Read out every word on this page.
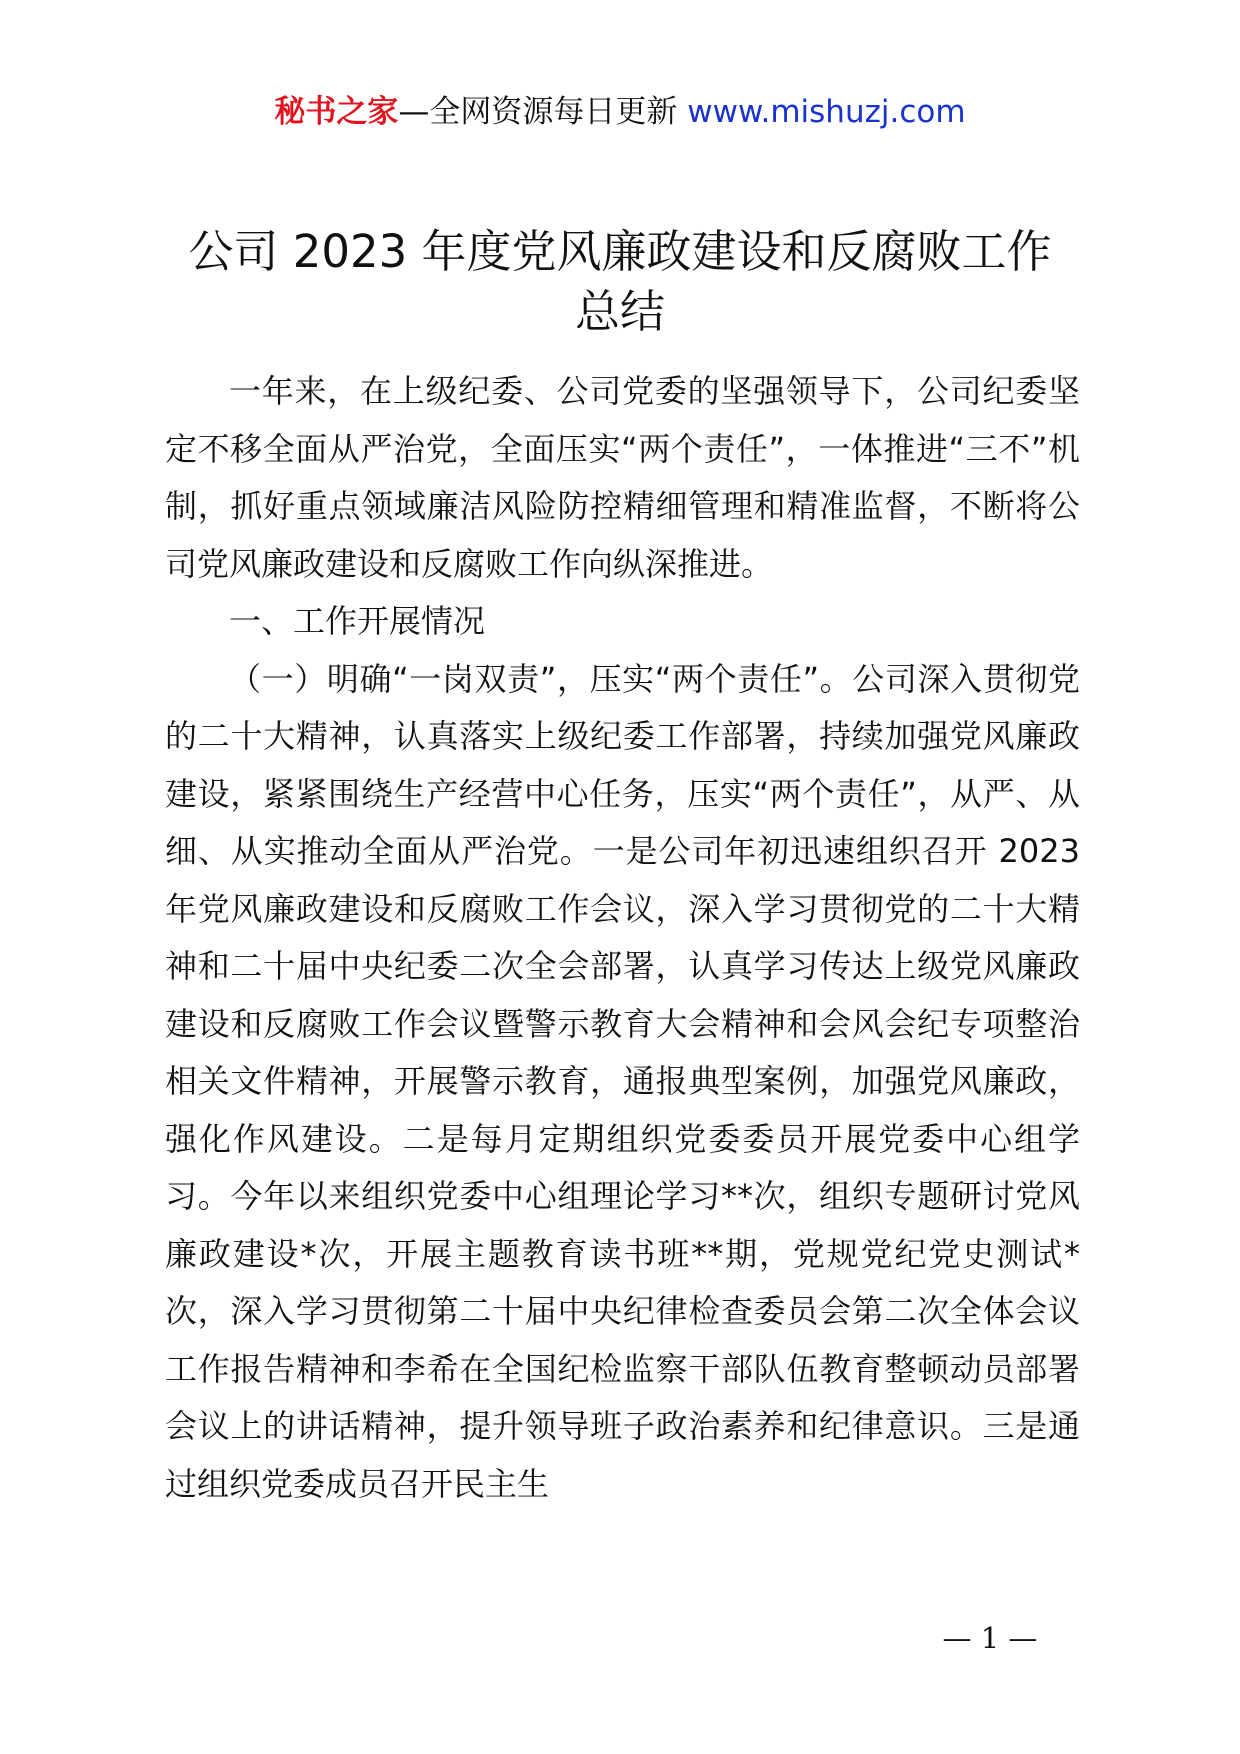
秘书之家—全网资源每日更新 www.mishuzj.com
公司 2023 年度党风廉政建设和反腐败工作
总结

一年来，在上级纪委、公司党委的坚强领导下，公司纪委坚定不移全面从严治党，全面压实“两个责任”，一体推进“三不”机制，抓好重点领域廉洁风险防控精细管理和精准监督，不断将公司党风廉政建设和反腐败工作向纵深推进。

一、工作开展情况

（一）明确“一岗双责”，压实“两个责任”。公司深入贯彻党的二十大精神，认真落实上级纪委工作部署，持续加强党风廉政建设，紧紧围绕生产经营中心任务，压实“两个责任”，从严、从细、从实推动全面从严治党。一是公司年初迅速组织召开 2023 年党风廉政建设和反腐败工作会议，深入学习贯彻党的二十大精神和二十届中央纪委二次全会部署，认真学习传达上级党风廉政建设和反腐败工作会议暨警示教育大会精神和会风会纪专项整治相关文件精神，开展警示教育，通报典型案例，加强党风廉政，强化作风建设。二是每月定期组织党委委员开展党委中心组学习。今年以来组织党委中心组理论学习**次，组织专题研讨党风廉政建设*次，开展主题教育读书班**期，党规党纪党史测试*次，深入学习贯彻第二十届中央纪律检查委员会第二次全体会议工作报告精神和李希在全国纪检监察干部队伍教育整顿动员部署会议上的讲话精神，提升领导班子政治素养和纪律意识。三是通过组织党委成员召开民主生

— 1 —
